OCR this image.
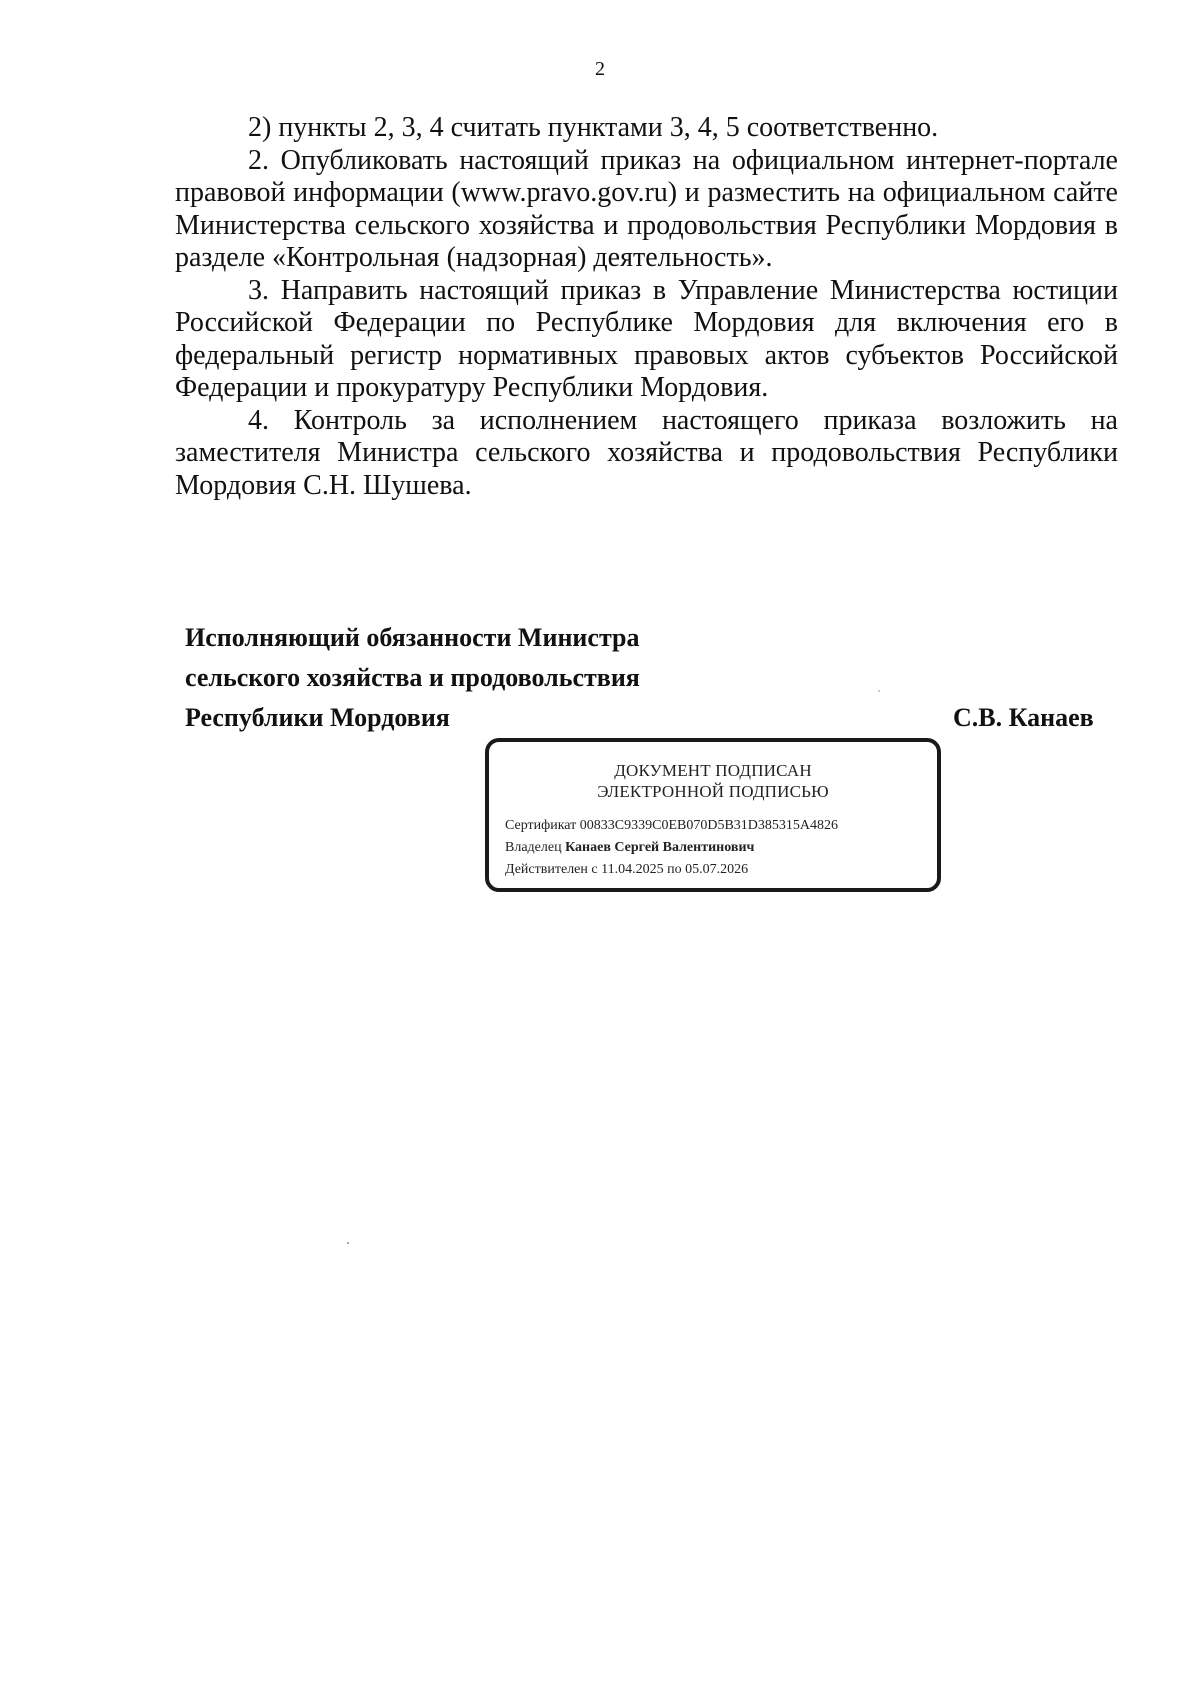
2

2) пункты 2, 3, 4 считать пунктами 3, 4, 5 соответственно.

2. Опубликовать настоящий приказ на официальном интернет-портале правовой информации (www.pravo.gov.ru) и разместить на официальном сайте Министерства сельского хозяйства и продовольствия Республики Мордовия в разделе «Контрольная (надзорная) деятельность».

3. Направить настоящий приказ в Управление Министерства юстиции Российской Федерации по Республике Мордовия для включения его в федеральный регистр нормативных правовых актов субъектов Российской Федерации и прокуратуру Республики Мордовия.

4. Контроль за исполнением настоящего приказа возложить на заместителя Министра сельского хозяйства и продовольствия Республики Мордовия С.Н. Шушева.

Исполняющий обязанности Министра
сельского хозяйства и продовольствия
Республики Мордовия	С.В. Канаев
ДОКУМЕНТ ПОДПИСАН
ЭЛЕКТРОННОЙ ПОДПИСЬЮ
Сертификат 00833C9339C0EB070D5B31D385315A4826
Владелец Канаев Сергей Валентинович
Действителен с 11.04.2025 по 05.07.2026
